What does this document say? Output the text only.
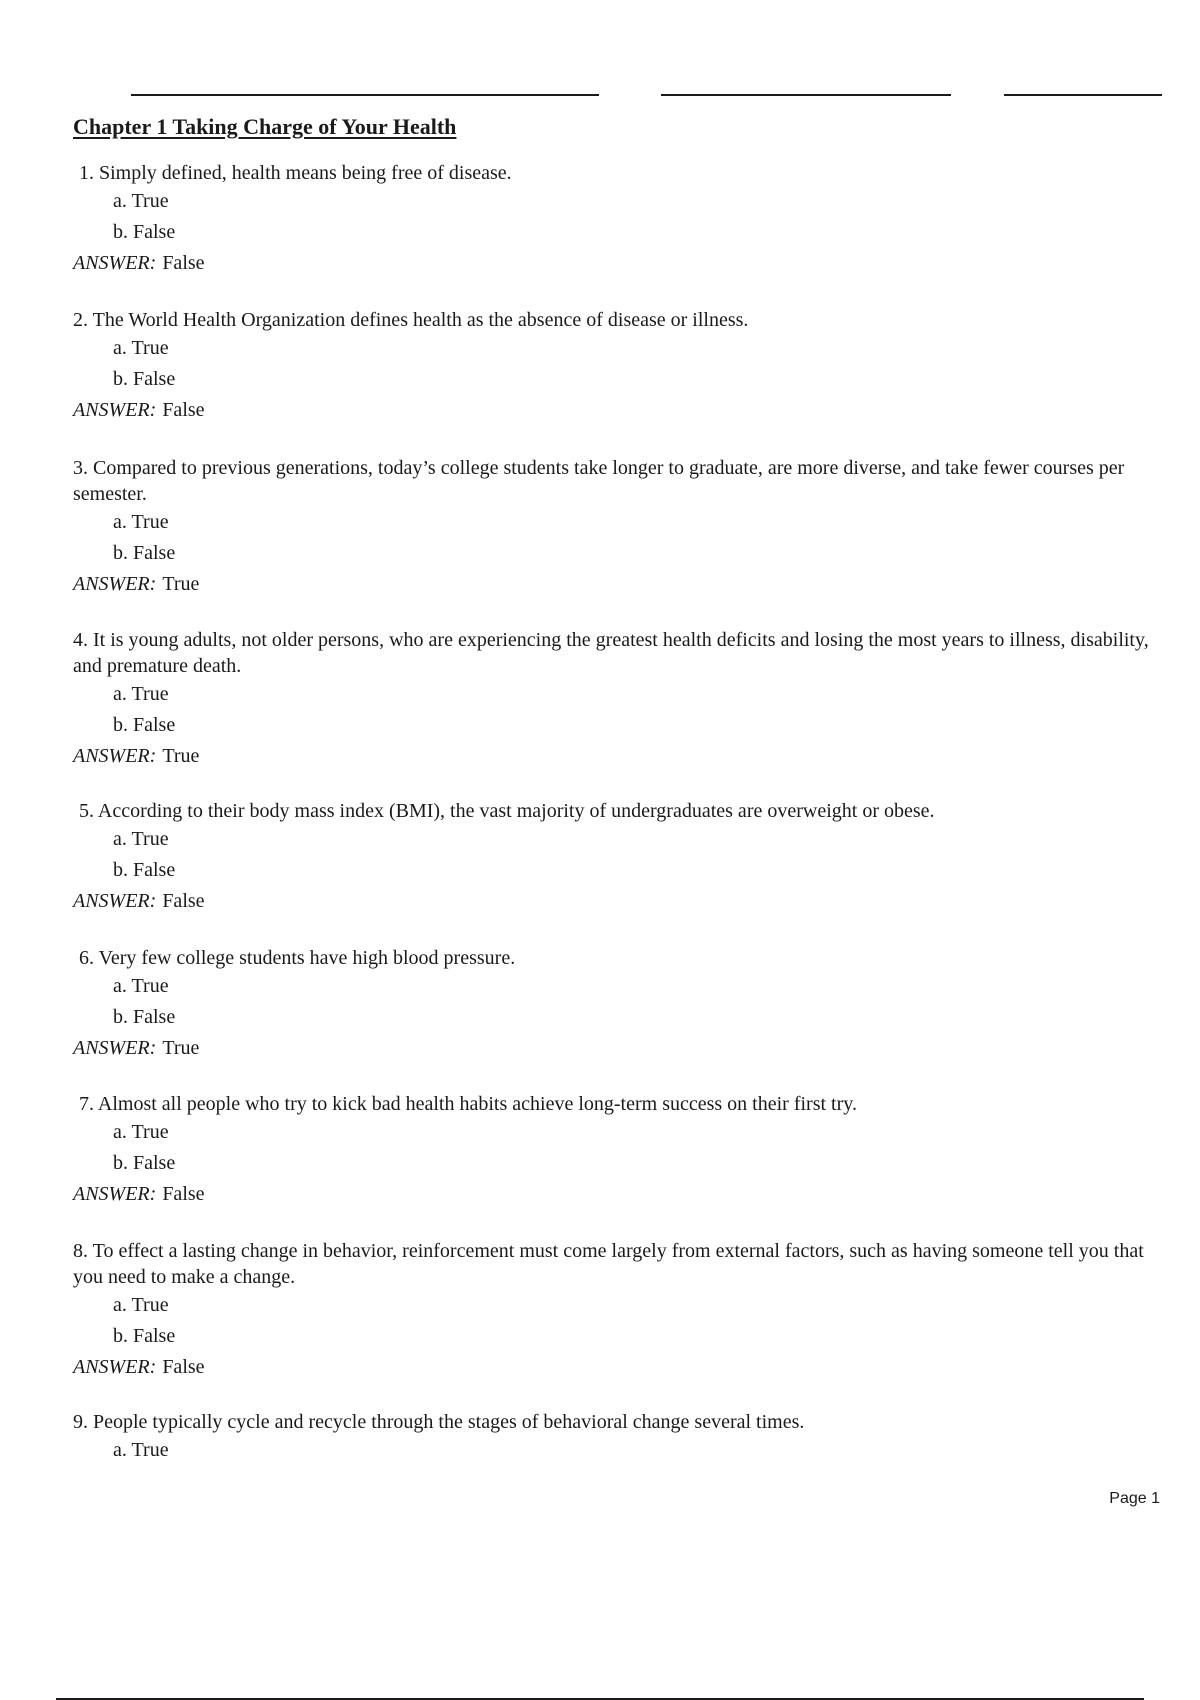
Chapter 1 Taking Charge of Your Health
1. Simply defined, health means being free of disease.
a. True
b. False
ANSWER: False
2. The World Health Organization defines health as the absence of disease or illness.
a. True
b. False
ANSWER: False
3. Compared to previous generations, today’s college students take longer to graduate, are more diverse, and take fewer courses per semester.
a. True
b. False
ANSWER: True
4. It is young adults, not older persons, who are experiencing the greatest health deficits and losing the most years to illness, disability, and premature death.
a. True
b. False
ANSWER: True
5. According to their body mass index (BMI), the vast majority of undergraduates are overweight or obese.
a. True
b. False
ANSWER: False
6. Very few college students have high blood pressure.
a. True
b. False
ANSWER: True
7. Almost all people who try to kick bad health habits achieve long-term success on their first try.
a. True
b. False
ANSWER: False
8. To effect a lasting change in behavior, reinforcement must come largely from external factors, such as having someone tell you that you need to make a change.
a. True
b. False
ANSWER: False
9. People typically cycle and recycle through the stages of behavioral change several times.
a. True
Page 1
